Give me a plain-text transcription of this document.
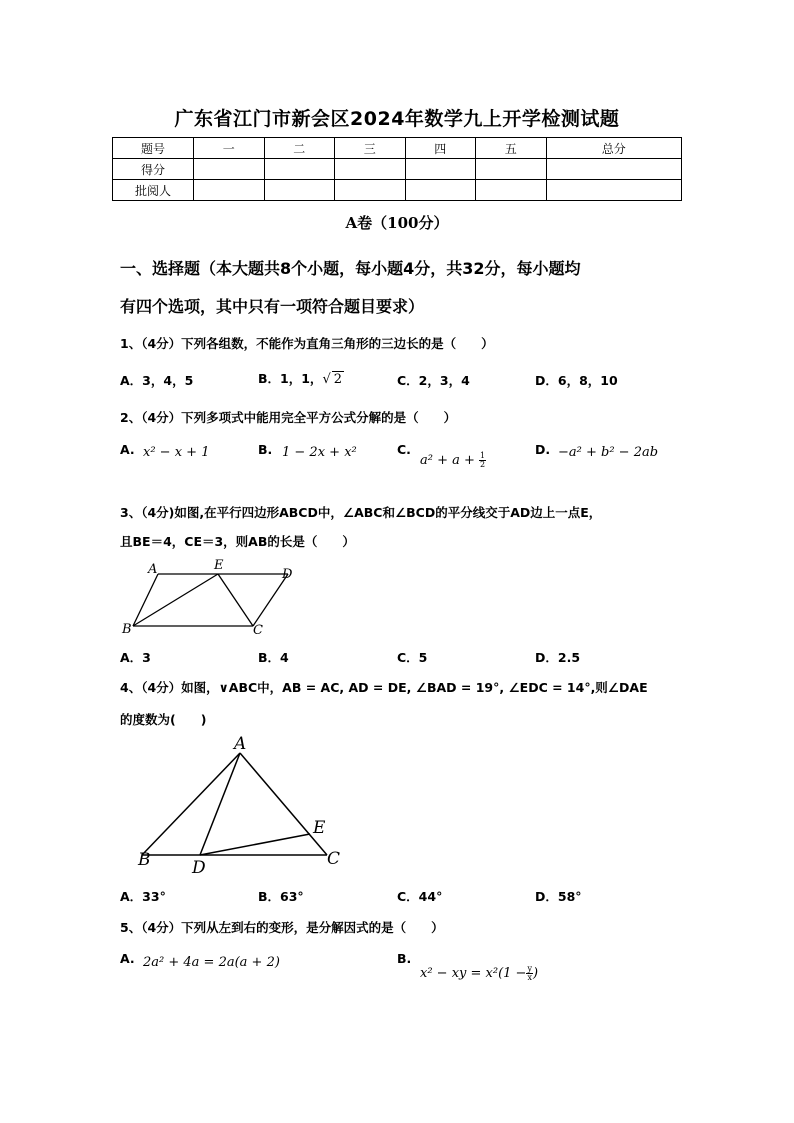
广东省江门市新会区2024年数学九上开学检测试题
题号	一	二	三	四	五	总分
得分						
批阅人						
A卷（100分）
一、选择题（本大题共8个小题，每小题4分，共32分，每小题均
有四个选项，其中只有一项符合题目要求）
1、（4分）下列各组数，不能作为直角三角形的三边长的是（　　）
A．3，4，5	B．1，1，√ 2	C．2，3，4	D．6，8，10
2、（4分）下列多项式中能用完全平方公式分解的是（　　）
A. x² − x + 1	B. 1 − 2x + x²	C.
$a^2 + a + \frac{1}{2}$
D. −a² + b² − 2ab
3、（4分)如图,在平行四边形ABCD中，∠ABC和∠BCD的平分线交于AD边上一点E，
且BE＝4，CE＝3，则AB的长是（　　）
A	E
D
B	C
A．3	B．4	C．5	D．2.5
4、（4分）如图，∨ABC中，AB = AC, AD = DE, ∠BAD = 19°, ∠EDC = 14°,则∠DAE
的度数为(　　)
A
B D
E
C
A．33°	B．63°	C．44°	D．58°
5、（4分）下列从左到右的变形，是分解因式的是（　　）
A. 2a² + 4a = 2a(a + 2)	B.
x² − xy = $x^2(1 - \frac{y}{x}$ )
